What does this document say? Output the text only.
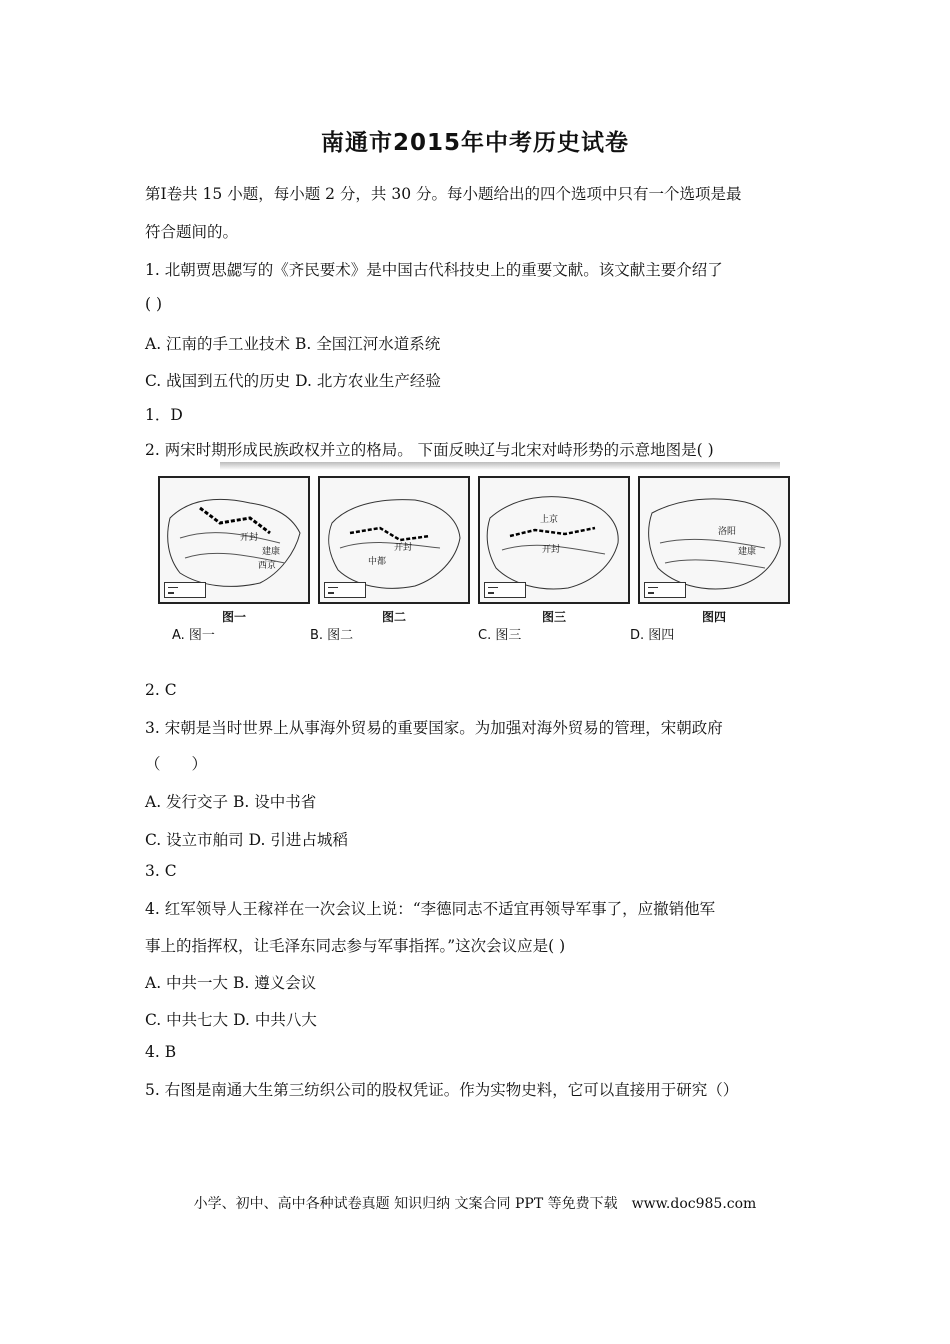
南通市2015年中考历史试卷
第Ⅰ卷共 15 小题，每小题 2 分，共 30 分。每小题给出的四个选项中只有一个选项是最
符合题间的。
1. 北朝贾思勰写的《齐民要术》是中国古代科技史上的重要文献。该文献主要介绍了
( )
A. 江南的手工业技术 B. 全国江河水道系统
C. 战国到五代的历史 D. 北方农业生产经验
1．D
2. 两宋时期形成民族政权并立的格局。 下面反映辽与北宋对峙形势的示意地图是( )
建康
开封
西京
开封
中都
上京
开封
洛阳
建康
图一	图二	图三	图四
A. 图一	B. 图二	C. 图三	D. 图四
2. C
3. 宋朝是当时世界上从事海外贸易的重要国家。为加强对海外贸易的管理，宋朝政府
（　　）
A. 发行交子 B. 设中书省
C. 设立市舶司 D. 引进占城稻
3. C
4. 红军领导人王稼祥在一次会议上说：“李德同志不适宜再领导军事了，应撤销他军
事上的指挥权，让毛泽东同志参与军事指挥。”这次会议应是( )
A. 中共一大 B. 遵义会议
C. 中共七大 D. 中共八大
4. B
5. 右图是南通大生第三纺织公司的股权凭证。作为实物史料，它可以直接用于研究（）
小学、初中、高中各种试卷真题 知识归纳 文案合同 PPT 等免费下载　www.doc985.com
